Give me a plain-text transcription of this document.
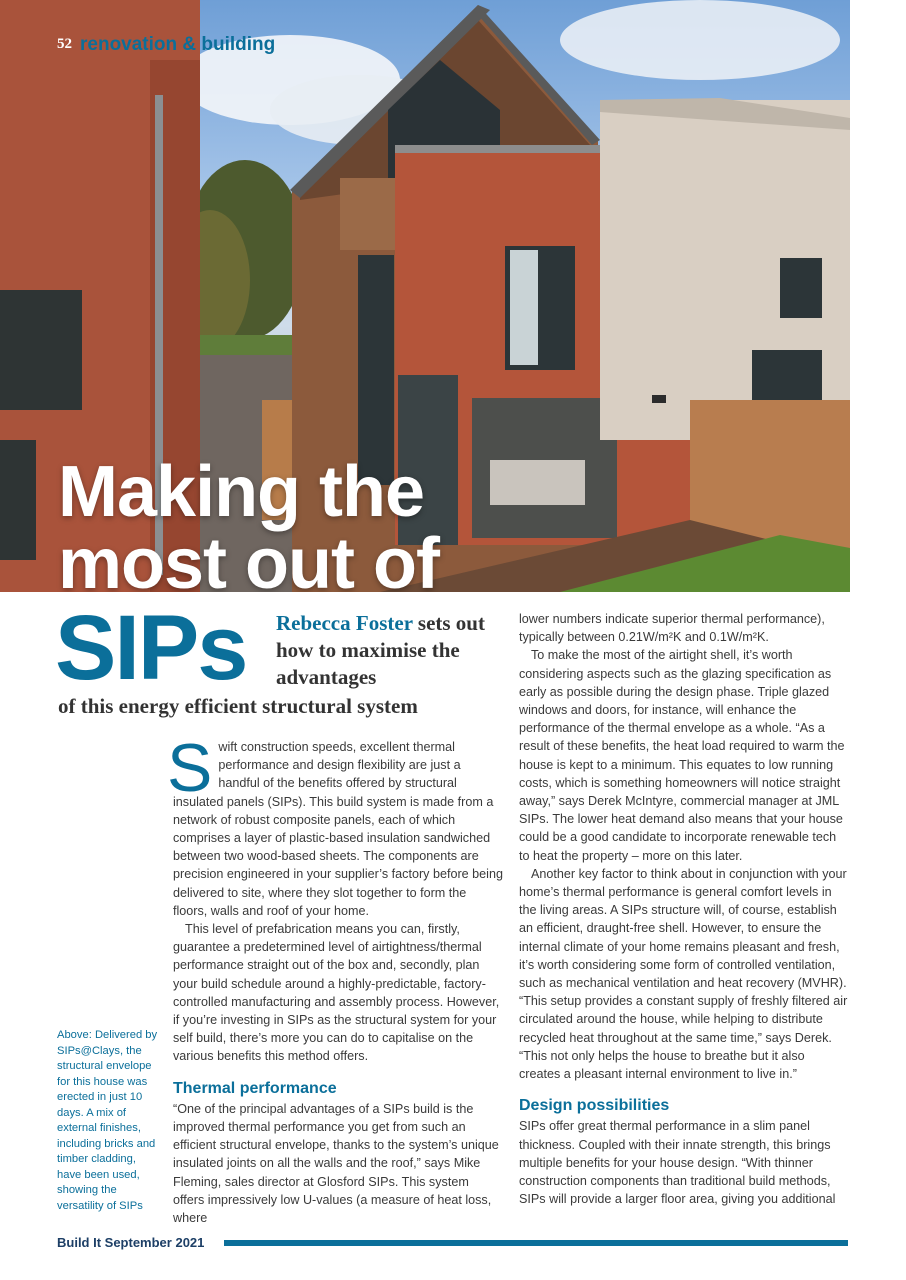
52 renovation & building
Making the
most out of
SIPs Rebecca Foster sets out how to maximise the advantages
of this energy efficient structural system

Swift construction speeds, excellent thermal performance and design flexibility are just a handful of the benefits offered by structural insulated panels (SIPs). This build system is made from a network of robust composite panels, each of which comprises a layer of plastic-based insulation sandwiched between two wood-based sheets. The components are precision engineered in your supplier’s factory before being delivered to site, where they slot together to form the floors, walls and roof of your home.

This level of prefabrication means you can, firstly, guarantee a predetermined level of airtightness/thermal performance straight out of the box and, secondly, plan your build schedule around a highly-predictable, factory-controlled manufacturing and assembly process. However, if you’re investing in SIPs as the structural system for your self build, there’s more you can do to capitalise on the various benefits this method offers.

Thermal performance

“One of the principal advantages of a SIPs build is the improved thermal performance you get from such an efficient structural envelope, thanks to the system’s unique insulated joints on all the walls and the roof,” says Mike Fleming, sales director at Glosford SIPs. This system offers impressively low U-values (a measure of heat loss, where

lower numbers indicate superior thermal performance), typically between 0.21W/m²K and 0.1W/m²K.

To make the most of the airtight shell, it’s worth considering aspects such as the glazing specification as early as possible during the design phase. Triple glazed windows and doors, for instance, will enhance the performance of the thermal envelope as a whole. “As a result of these benefits, the heat load required to warm the house is kept to a minimum. This equates to low running costs, which is something homeowners will notice straight away,” says Derek McIntyre, commercial manager at JML SIPs. The lower heat demand also means that your house could be a good candidate to incorporate renewable tech to heat the property – more on this later.

Another key factor to think about in conjunction with your home’s thermal performance is general comfort levels in the living areas. A SIPs structure will, of course, establish an efficient, draught-free shell. However, to ensure the internal climate of your home remains pleasant and fresh, it’s worth considering some form of controlled ventilation, such as mechanical ventilation and heat recovery (MVHR). “This setup provides a constant supply of freshly filtered air circulated around the house, while helping to distribute recycled heat throughout at the same time,” says Derek. “This not only helps the house to breathe but it also creates a pleasant internal environment to live in.”

Design possibilities

SIPs offer great thermal performance in a slim panel thickness. Coupled with their innate strength, this brings multiple benefits for your house design. “With thinner construction components than traditional build methods, SIPs will provide a larger floor area, giving you additional

Above: Delivered by SIPs@Clays, the structural envelope for this house was erected in just 10 days. A mix of external finishes, including bricks and timber cladding, have been used, showing the versatility of SIPs
Build It September 2021
